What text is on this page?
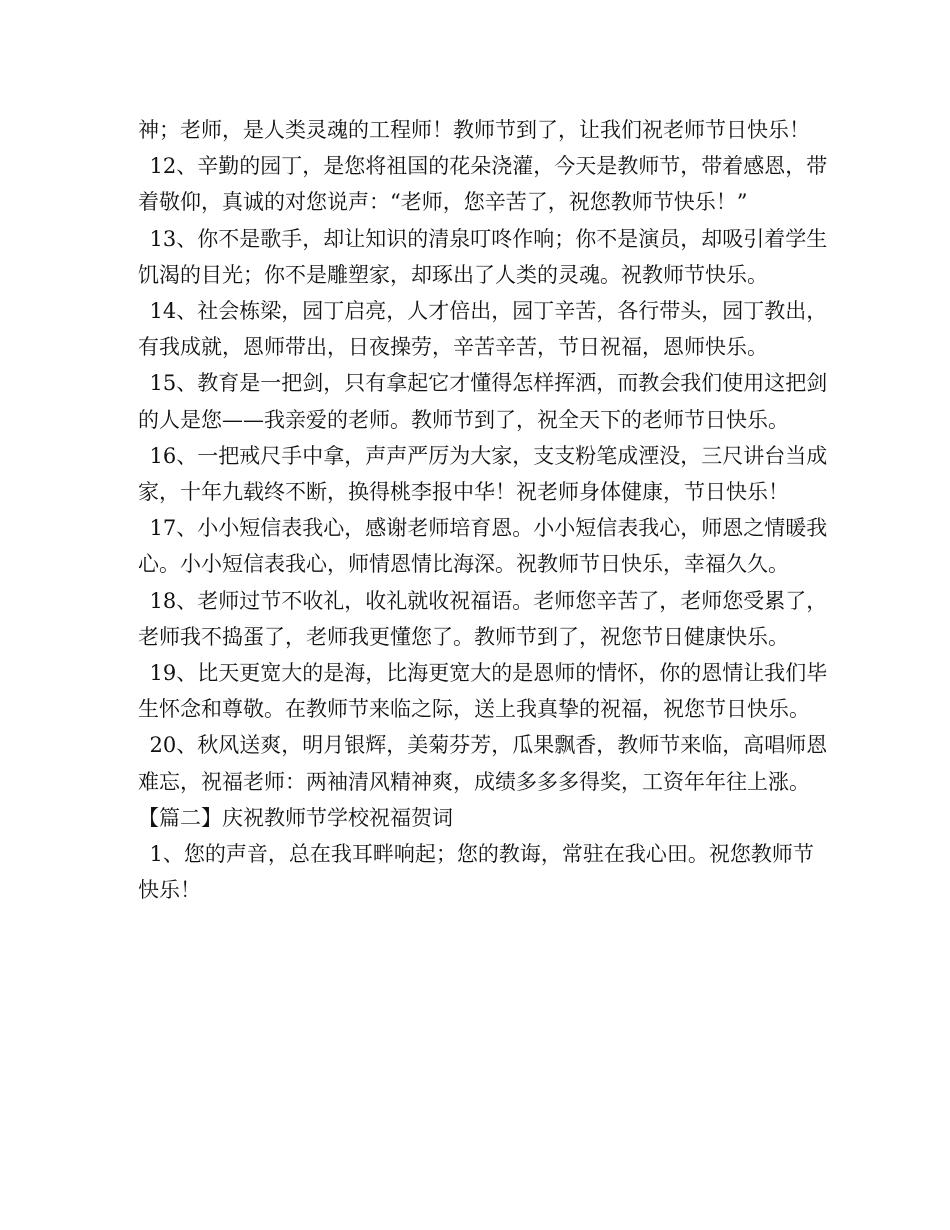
神；老师，是人类灵魂的工程师！教师节到了，让我们祝老师节日快乐！

12、辛勤的园丁，是您将祖国的花朵浇灌，今天是教师节，带着感恩，带着敬仰，真诚的对您说声：“老师，您辛苦了，祝您教师节快乐！”

13、你不是歌手，却让知识的清泉叮咚作响；你不是演员，却吸引着学生饥渴的目光；你不是雕塑家，却琢出了人类的灵魂。祝教师节快乐。

14、社会栋梁，园丁启亮，人才倍出，园丁辛苦，各行带头，园丁教出，有我成就，恩师带出，日夜操劳，辛苦辛苦，节日祝福，恩师快乐。

15、教育是一把剑，只有拿起它才懂得怎样挥洒，而教会我们使用这把剑的人是您——我亲爱的老师。教师节到了，祝全天下的老师节日快乐。

16、一把戒尺手中拿，声声严厉为大家，支支粉笔成湮没，三尺讲台当成家，十年九载终不断，换得桃李报中华！祝老师身体健康，节日快乐！

17、小小短信表我心，感谢老师培育恩。小小短信表我心，师恩之情暖我心。小小短信表我心，师情恩情比海深。祝教师节日快乐，幸福久久。

18、老师过节不收礼，收礼就收祝福语。老师您辛苦了，老师您受累了，老师我不捣蛋了，老师我更懂您了。教师节到了，祝您节日健康快乐。

19、比天更宽大的是海，比海更宽大的是恩师的情怀，你的恩情让我们毕生怀念和尊敬。在教师节来临之际，送上我真挚的祝福，祝您节日快乐。

20、秋风送爽，明月银辉，美菊芬芳，瓜果飘香，教师节来临，高唱师恩难忘，祝福老师：两袖清风精神爽，成绩多多多得奖，工资年年往上涨。

【篇二】庆祝教师节学校祝福贺词

1、您的声音，总在我耳畔响起；您的教诲，常驻在我心田。祝您教师节快乐！
